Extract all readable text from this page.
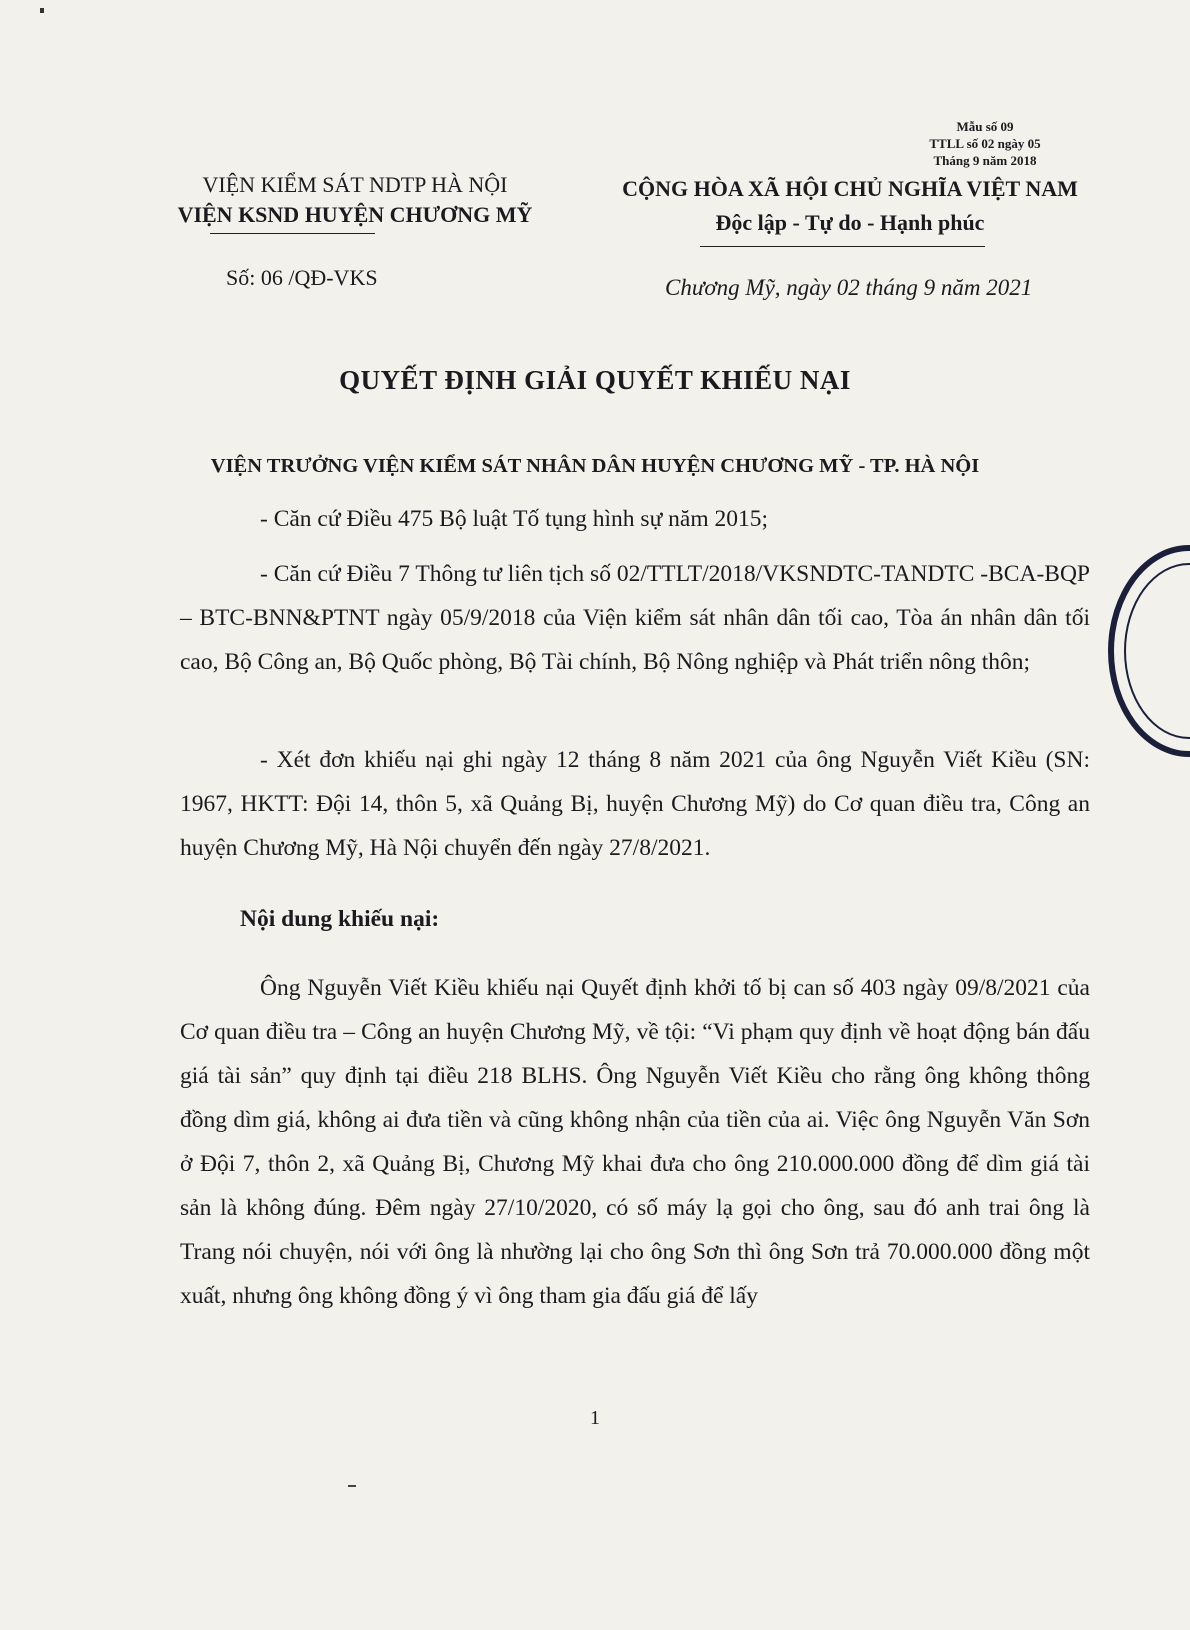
Mẫu số 09
TTLL số 02 ngày 05
Tháng 9 năm 2018
VIỆN KIỂM SÁT NDTP HÀ NỘI
VIỆN KSND HUYỆN CHƯƠNG MỸ
CỘNG HÒA XÃ HỘI CHỦ NGHĨA VIỆT NAM
Độc lập - Tự do - Hạnh phúc
Số: 06 /QĐ-VKS	Chương Mỹ, ngày 02 tháng 9 năm 2021
QUYẾT ĐỊNH GIẢI QUYẾT KHIẾU NẠI
VIỆN TRƯỞNG VIỆN KIỂM SÁT NHÂN DÂN HUYỆN CHƯƠNG MỸ - TP. HÀ NỘI

- Căn cứ Điều 475 Bộ luật Tố tụng hình sự năm 2015;

- Căn cứ Điều 7 Thông tư liên tịch số 02/TTLT/2018/VKSNDTC-TANDTC -BCA-BQP – BTC-BNN&PTNT ngày 05/9/2018 của Viện kiểm sát nhân dân tối cao, Tòa án nhân dân tối cao, Bộ Công an, Bộ Quốc phòng, Bộ Tài chính, Bộ Nông nghiệp và Phát triển nông thôn;

- Xét đơn khiếu nại ghi ngày 12 tháng 8 năm 2021 của ông Nguyễn Viết Kiều (SN: 1967, HKTT: Đội 14, thôn 5, xã Quảng Bị, huyện Chương Mỹ) do Cơ quan điều tra, Công an huyện Chương Mỹ, Hà Nội chuyển đến ngày 27/8/2021.

Nội dung khiếu nại:

Ông Nguyễn Viết Kiều khiếu nại Quyết định khởi tố bị can số 403 ngày 09/8/2021 của Cơ quan điều tra – Công an huyện Chương Mỹ, về tội: “Vi phạm quy định về hoạt động bán đấu giá tài sản” quy định tại điều 218 BLHS. Ông Nguyễn Viết Kiều cho rằng ông không thông đồng dìm giá, không ai đưa tiền và cũng không nhận của tiền của ai. Việc ông Nguyễn Văn Sơn ở Đội 7, thôn 2, xã Quảng Bị, Chương Mỹ khai đưa cho ông 210.000.000 đồng để dìm giá tài sản là không đúng. Đêm ngày 27/10/2020, có số máy lạ gọi cho ông, sau đó anh trai ông là Trang nói chuyện, nói với ông là nhường lại cho ông Sơn thì ông Sơn trả 70.000.000 đồng một xuất, nhưng ông không đồng ý vì ông tham gia đấu giá để lấy

1
